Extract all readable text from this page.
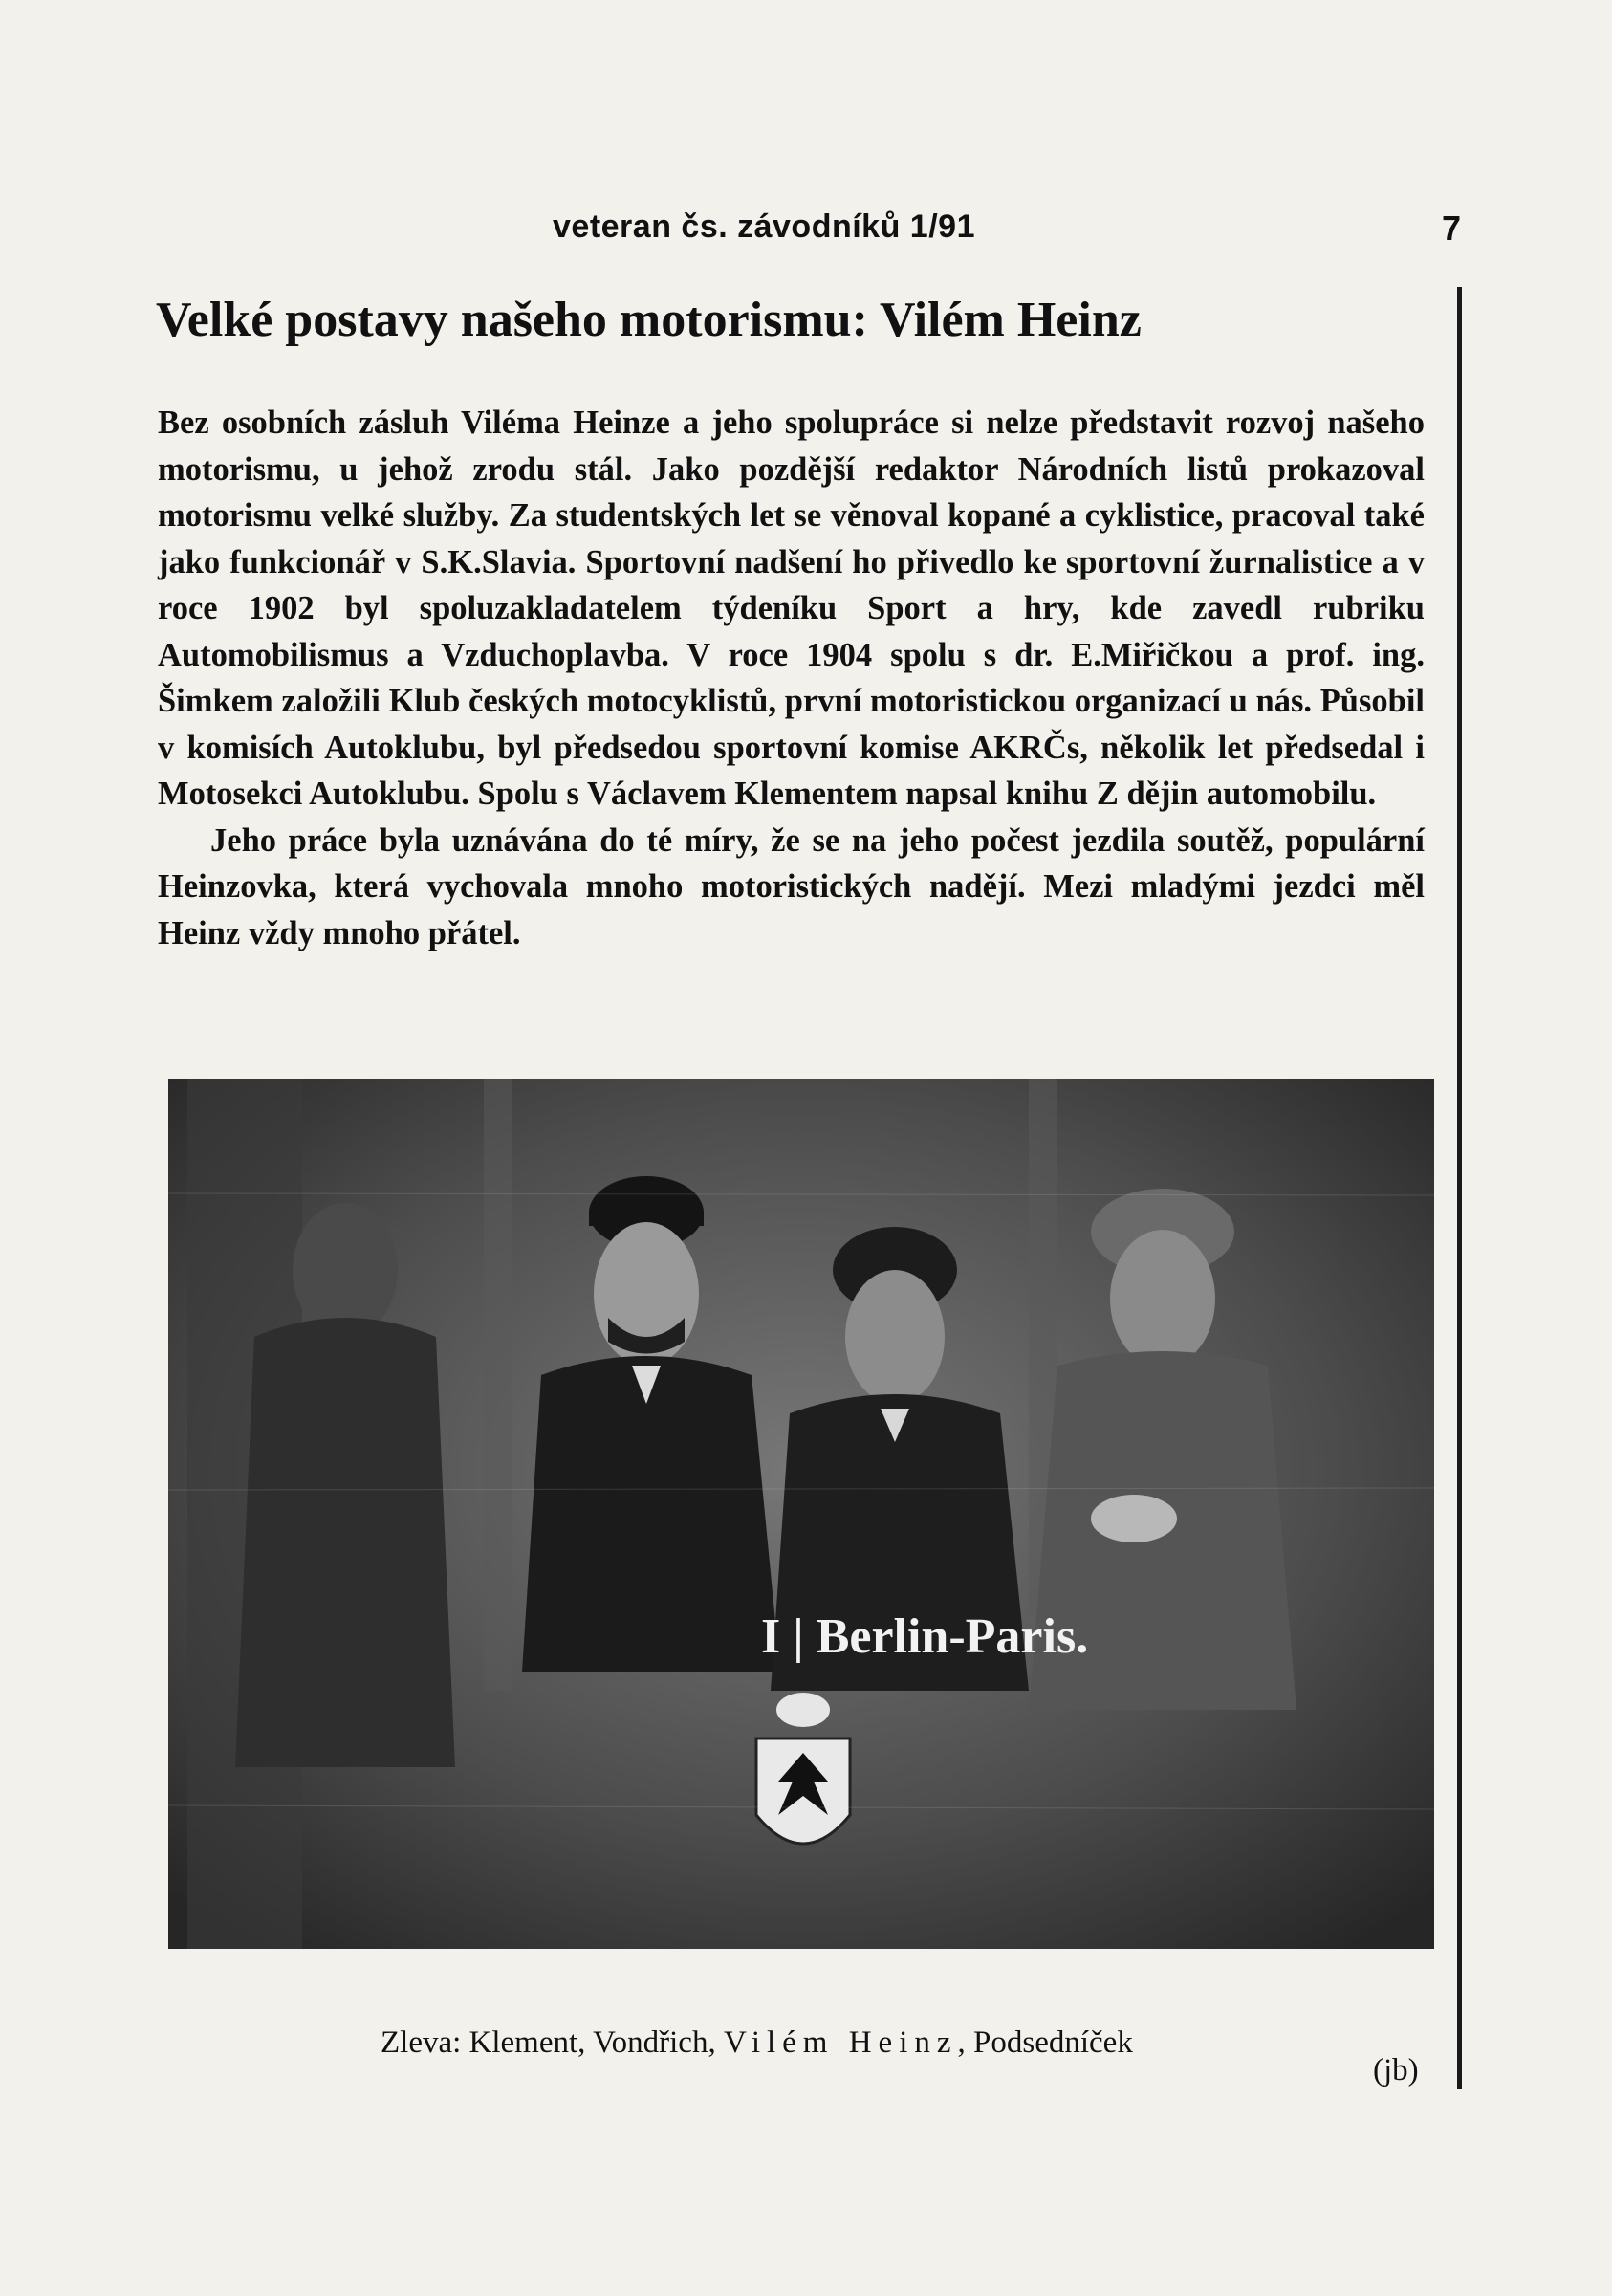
veteran čs. závodníků 1/91	7
Velké postavy našeho motorismu: Vilém Heinz

Bez osobních zásluh Viléma Heinze a jeho spolupráce si nelze představit rozvoj našeho motorismu, u jehož zrodu stál. Jako pozdější redaktor Národních listů prokazoval motorismu velké služby. Za studentských let se věnoval kopané a cyklistice, pracoval také jako funkcionář v S.K.Slavia. Sportovní nadšení ho přivedlo ke sportovní žurnalistice a v roce 1902 byl spoluzakladatelem týdeníku Sport a hry, kde zavedl rubriku Automobilismus a Vzduchoplavba. V roce 1904 spolu s dr. E.Miřičkou a prof. ing. Šimkem založili Klub českých motocyklistů, první motoristickou organizací u nás. Působil v komisích Autoklubu, byl předsedou sportovní komise AKRČs, několik let předsedal i Motosekci Autoklubu. Spolu s Václavem Klementem napsal knihu Z dějin automobilu.

Jeho práce byla uznávána do té míry, že se na jeho počest jezdila soutěž, populární Heinzovka, která vychovala mnoho motoristických nadějí. Mezi mladými jezdci měl Heinz vždy mnoho přátel.

I | Berlin-Paris.
Zleva: Klement, Vondřich, Vilém Heinz, Podsedníček
(jb)
